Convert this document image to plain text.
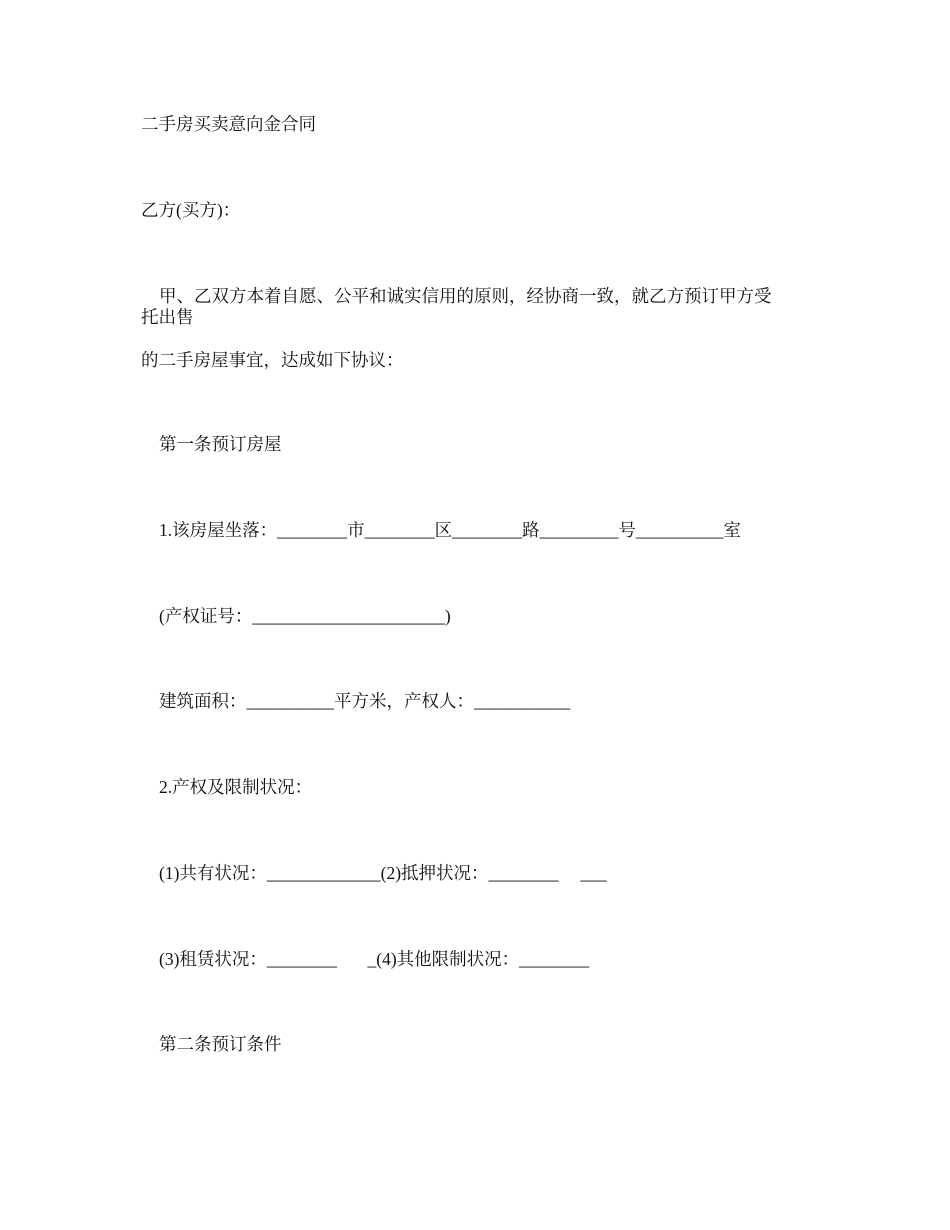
二手房买卖意向金合同

乙方(买方)：

甲、乙双方本着自愿、公平和诚实信用的原则，经协商一致，就乙方预订甲方受

托出售

的二手房屋事宜，达成如下协议：

第一条预订房屋

1.该房屋坐落：________市________区________路_________号__________室

(产权证号：______________________)

建筑面积：__________平方米，产权人：___________

2.产权及限制状况：

(1)共有状况：_____________(2)抵押状况：________     ___

(3)租赁状况：________       _(4)其他限制状况：________

第二条预订条件
